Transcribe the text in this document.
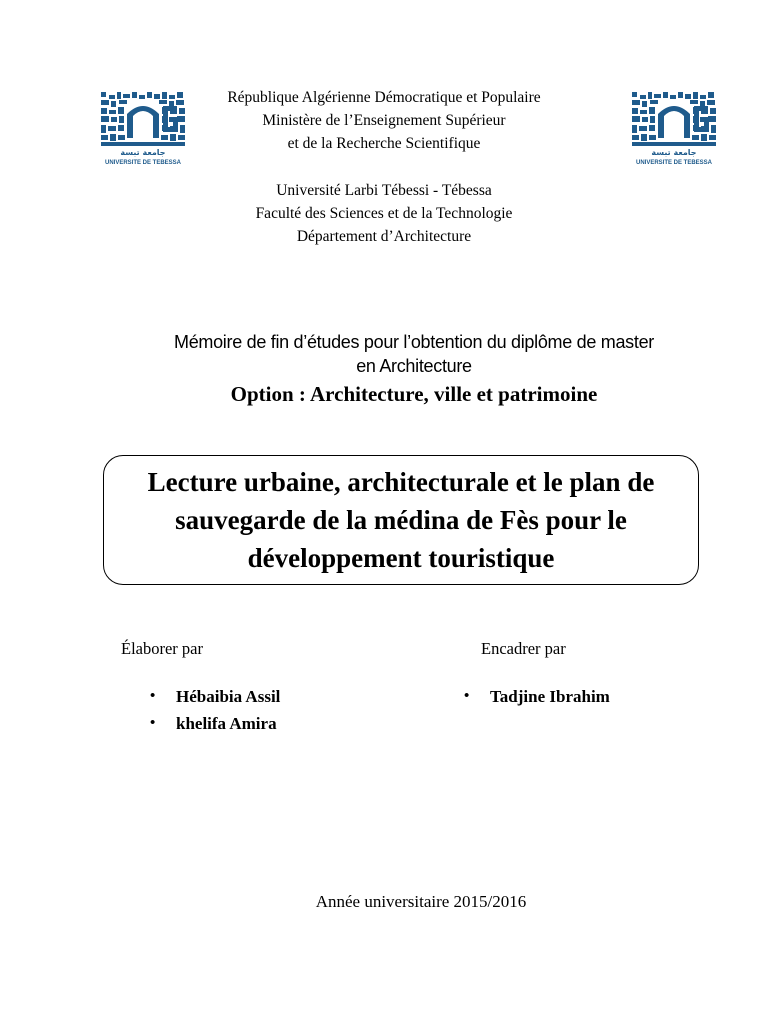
جامعة تبسة
UNIVERSITE DE TEBESSA
جامعة تبسة
UNIVERSITE DE TEBESSA
République Algérienne Démocratique et Populaire
Ministère de l’Enseignement Supérieur
et de la Recherche Scientifique
Université Larbi Tébessi - Tébessa
Faculté des Sciences et de la Technologie
Département d’Architecture
Mémoire de fin d’études pour l’obtention du diplôme de master
en Architecture
Option : Architecture, ville et patrimoine
Lecture urbaine, architecturale et le plan de sauvegarde de la médina de Fès pour le développement touristique
Élaborer par	Encadrer par
• Hébaibia Assil
• khelifa Amira
• Tadjine Ibrahim
Année universitaire 2015/2016
